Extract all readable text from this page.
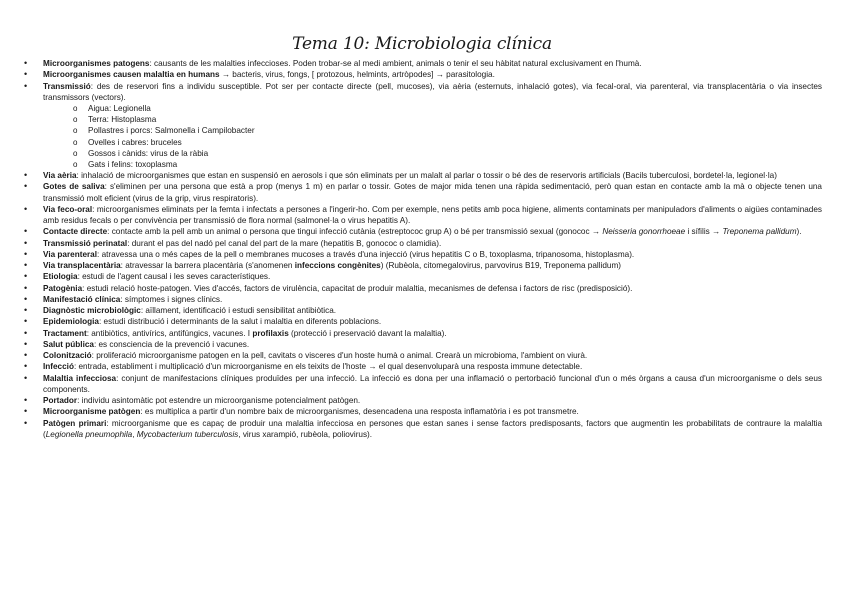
Tema 10: Microbiologia clínica
• Microorganismes patogens: causants de les malalties infeccioses. Poden trobar-se al medi ambient, animals o tenir el seu hàbitat natural exclusivament en l'humà.
• Microorganismes causen malaltia en humans → bacteris, virus, fongs, [ protozous, helmints, artròpodes] → parasitologia.
• Transmissió: des de reservori fins a individu susceptible. Pot ser per contacte directe (pell, mucoses), via aèria (esternuts, inhalació gotes), via fecal-oral, via parenteral, via transplacentària o via insectes transmissors (vectors).
o Aigua: Legionella
o Terra: Histoplasma
o Pollastres i porcs: Salmonella i Campilobacter
o Ovelles i cabres: bruceles
o Gossos i cànids: virus de la ràbia
o Gats i felins: toxoplasma
• Via aèria: inhalació de microorganismes que estan en suspensió en aerosols i que són eliminats per un malalt al parlar o tossir o bé des de reservoris artificials (Bacils tuberculosi, bordetel·la, legionel·la)
• Gotes de saliva: s'eliminen per una persona que està a prop (menys 1 m) en parlar o tossir. Gotes de major mida tenen una ràpida sedimentació, però quan estan en contacte amb la mà o objecte tenen una transmissió molt eficient (virus de la grip, virus respiratoris).
• Via feco-oral: microorganismes eliminats per la femta i infectats a persones a l'ingerir-ho. Com per exemple, nens petits amb poca higiene, aliments contaminats per manipuladors d'aliments o aigües contaminades amb residus fecals o per convivència per transmissió de flora normal (salmonel·la o virus hepatitis A).
• Contacte directe: contacte amb la pell amb un animal o persona que tingui infecció cutània (estreptococ grup A) o bé per transmissió sexual (gonococ → Neisseria gonorrhoeae i sífilis → Treponema pallidum).
• Transmissió perinatal: durant el pas del nadó pel canal del part de la mare (hepatitis B, gonococ o clamidia).
• Via parenteral: atravessa una o més capes de la pell o membranes mucoses a través d'una injecció (virus hepatitis C o B, toxoplasma, tripanosoma, histoplasma).
• Via transplacentària: atravessar la barrera placentària (s'anomenen infeccions congènites) (Rubèola, citomegalovirus, parvovirus B19, Treponema pallidum)
• Etiologia: estudi de l'agent causal i les seves característiques.
• Patogènia: estudi relació hoste-patogen. Vies d'accés, factors de virulència, capacitat de produir malaltia, mecanismes de defensa i factors de risc (predisposició).
• Manifestació clínica: símptomes i signes clínics.
• Diagnòstic microbiològic: aïllament, identificació i estudi sensibilitat antibiòtica.
• Epidemiologia: estudi distribució i determinants de la salut i malaltia en diferents poblacions.
• Tractament: antibiòtics, antivírics, antifúngics, vacunes. I profilaxis (protecció i preservació davant la malaltia).
• Salut pública: es consciencia de la prevenció i vacunes.
• Colonització: proliferació microorganisme patogen en la pell, cavitats o visceres d'un hoste humà o animal. Crearà un microbioma, l'ambient on viurà.
• Infecció: entrada, establiment i multiplicació d'un microorganisme en els teixits de l'hoste → el qual desenvoluparà una resposta immune detectable.
• Malaltia infecciosa: conjunt de manifestacions clíniques produïdes per una infecció. La infecció es dona per una inflamació o pertorbació funcional d'un o més òrgans a causa d'un microorganisme o dels seus components.
• Portador: individu asintomàtic pot estendre un microorganisme potencialment patògen.
• Microorganisme patògen: es multiplica a partir d'un nombre baix de microorganismes, desencadena una resposta inflamatòria i es pot transmetre.
• Patògen primari: microorganisme que es capaç de produir una malaltia infecciosa en persones que estan sanes i sense factors predisposants, factors que augmentin les probabilitats de contraure la malaltia (Legionella pneumophila, Mycobacterium tuberculosis, virus xarampió, rubèola, poliovirus).
